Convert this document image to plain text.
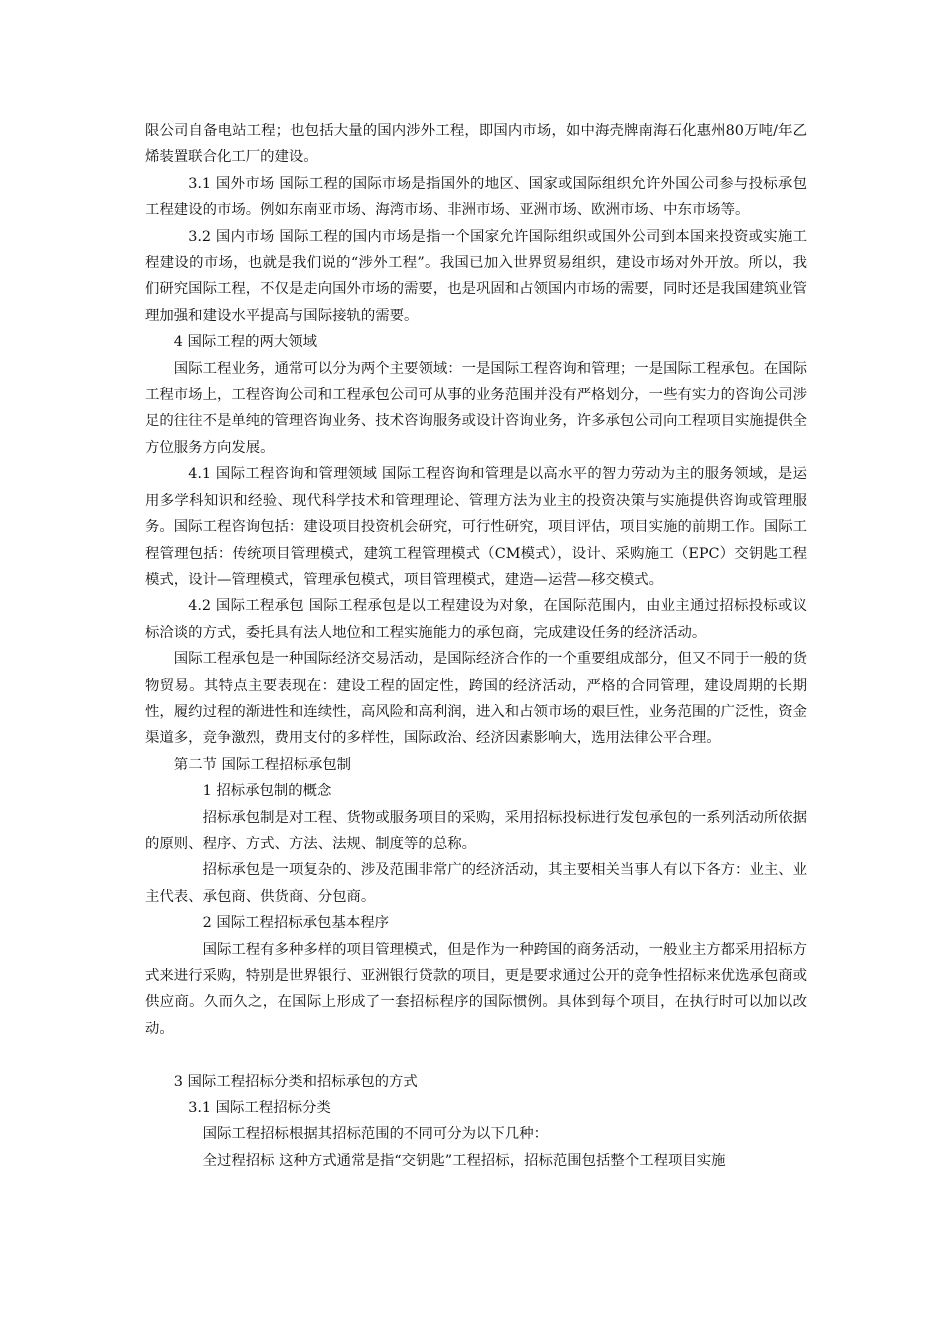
限公司自备电站工程；也包括大量的国内涉外工程，即国内市场，如中海壳牌南海石化惠州80万吨/年乙烯装置联合化工厂的建设。

3.1 国外市场 国际工程的国际市场是指国外的地区、国家或国际组织允许外国公司参与投标承包工程建设的市场。例如东南亚市场、海湾市场、非洲市场、亚洲市场、欧洲市场、中东市场等。

3.2 国内市场 国际工程的国内市场是指一个国家允许国际组织或国外公司到本国来投资或实施工程建设的市场，也就是我们说的“涉外工程”。我国已加入世界贸易组织，建设市场对外开放。所以，我们研究国际工程，不仅是走向国外市场的需要，也是巩固和占领国内市场的需要，同时还是我国建筑业管理加强和建设水平提高与国际接轨的需要。

4 国际工程的两大领域

国际工程业务，通常可以分为两个主要领域：一是国际工程咨询和管理；一是国际工程承包。在国际工程市场上，工程咨询公司和工程承包公司可从事的业务范围并没有严格划分，一些有实力的咨询公司涉足的往往不是单纯的管理咨询业务、技术咨询服务或设计咨询业务，许多承包公司向工程项目实施提供全方位服务方向发展。

4.1 国际工程咨询和管理领域 国际工程咨询和管理是以高水平的智力劳动为主的服务领域，是运用多学科知识和经验、现代科学技术和管理理论、管理方法为业主的投资决策与实施提供咨询或管理服务。国际工程咨询包括：建设项目投资机会研究，可行性研究，项目评估，项目实施的前期工作。国际工程管理包括：传统项目管理模式，建筑工程管理模式（CM模式），设计、采购施工（EPC）交钥匙工程模式，设计—管理模式，管理承包模式，项目管理模式，建造—运营—移交模式。

4.2 国际工程承包 国际工程承包是以工程建设为对象，在国际范围内，由业主通过招标投标或议标洽谈的方式，委托具有法人地位和工程实施能力的承包商，完成建设任务的经济活动。

国际工程承包是一种国际经济交易活动，是国际经济合作的一个重要组成部分，但又不同于一般的货物贸易。其特点主要表现在：建设工程的固定性，跨国的经济活动，严格的合同管理，建设周期的长期性，履约过程的渐进性和连续性，高风险和高利润，进入和占领市场的艰巨性，业务范围的广泛性，资金渠道多，竞争激烈，费用支付的多样性，国际政治、经济因素影响大，选用法律公平合理。

第二节 国际工程招标承包制

1 招标承包制的概念

招标承包制是对工程、货物或服务项目的采购，采用招标投标进行发包承包的一系列活动所依据的原则、程序、方式、方法、法规、制度等的总称。

招标承包是一项复杂的、涉及范围非常广的经济活动，其主要相关当事人有以下各方：业主、业主代表、承包商、供货商、分包商。

2 国际工程招标承包基本程序

国际工程有多种多样的项目管理模式，但是作为一种跨国的商务活动，一般业主方都采用招标方式来进行采购，特别是世界银行、亚洲银行贷款的项目，更是要求通过公开的竞争性招标来优选承包商或供应商。久而久之，在国际上形成了一套招标程序的国际惯例。具体到每个项目，在执行时可以加以改动。

3 国际工程招标分类和招标承包的方式

3.1 国际工程招标分类

国际工程招标根据其招标范围的不同可分为以下几种：

全过程招标 这种方式通常是指“交钥匙”工程招标，招标范围包括整个工程项目实施
